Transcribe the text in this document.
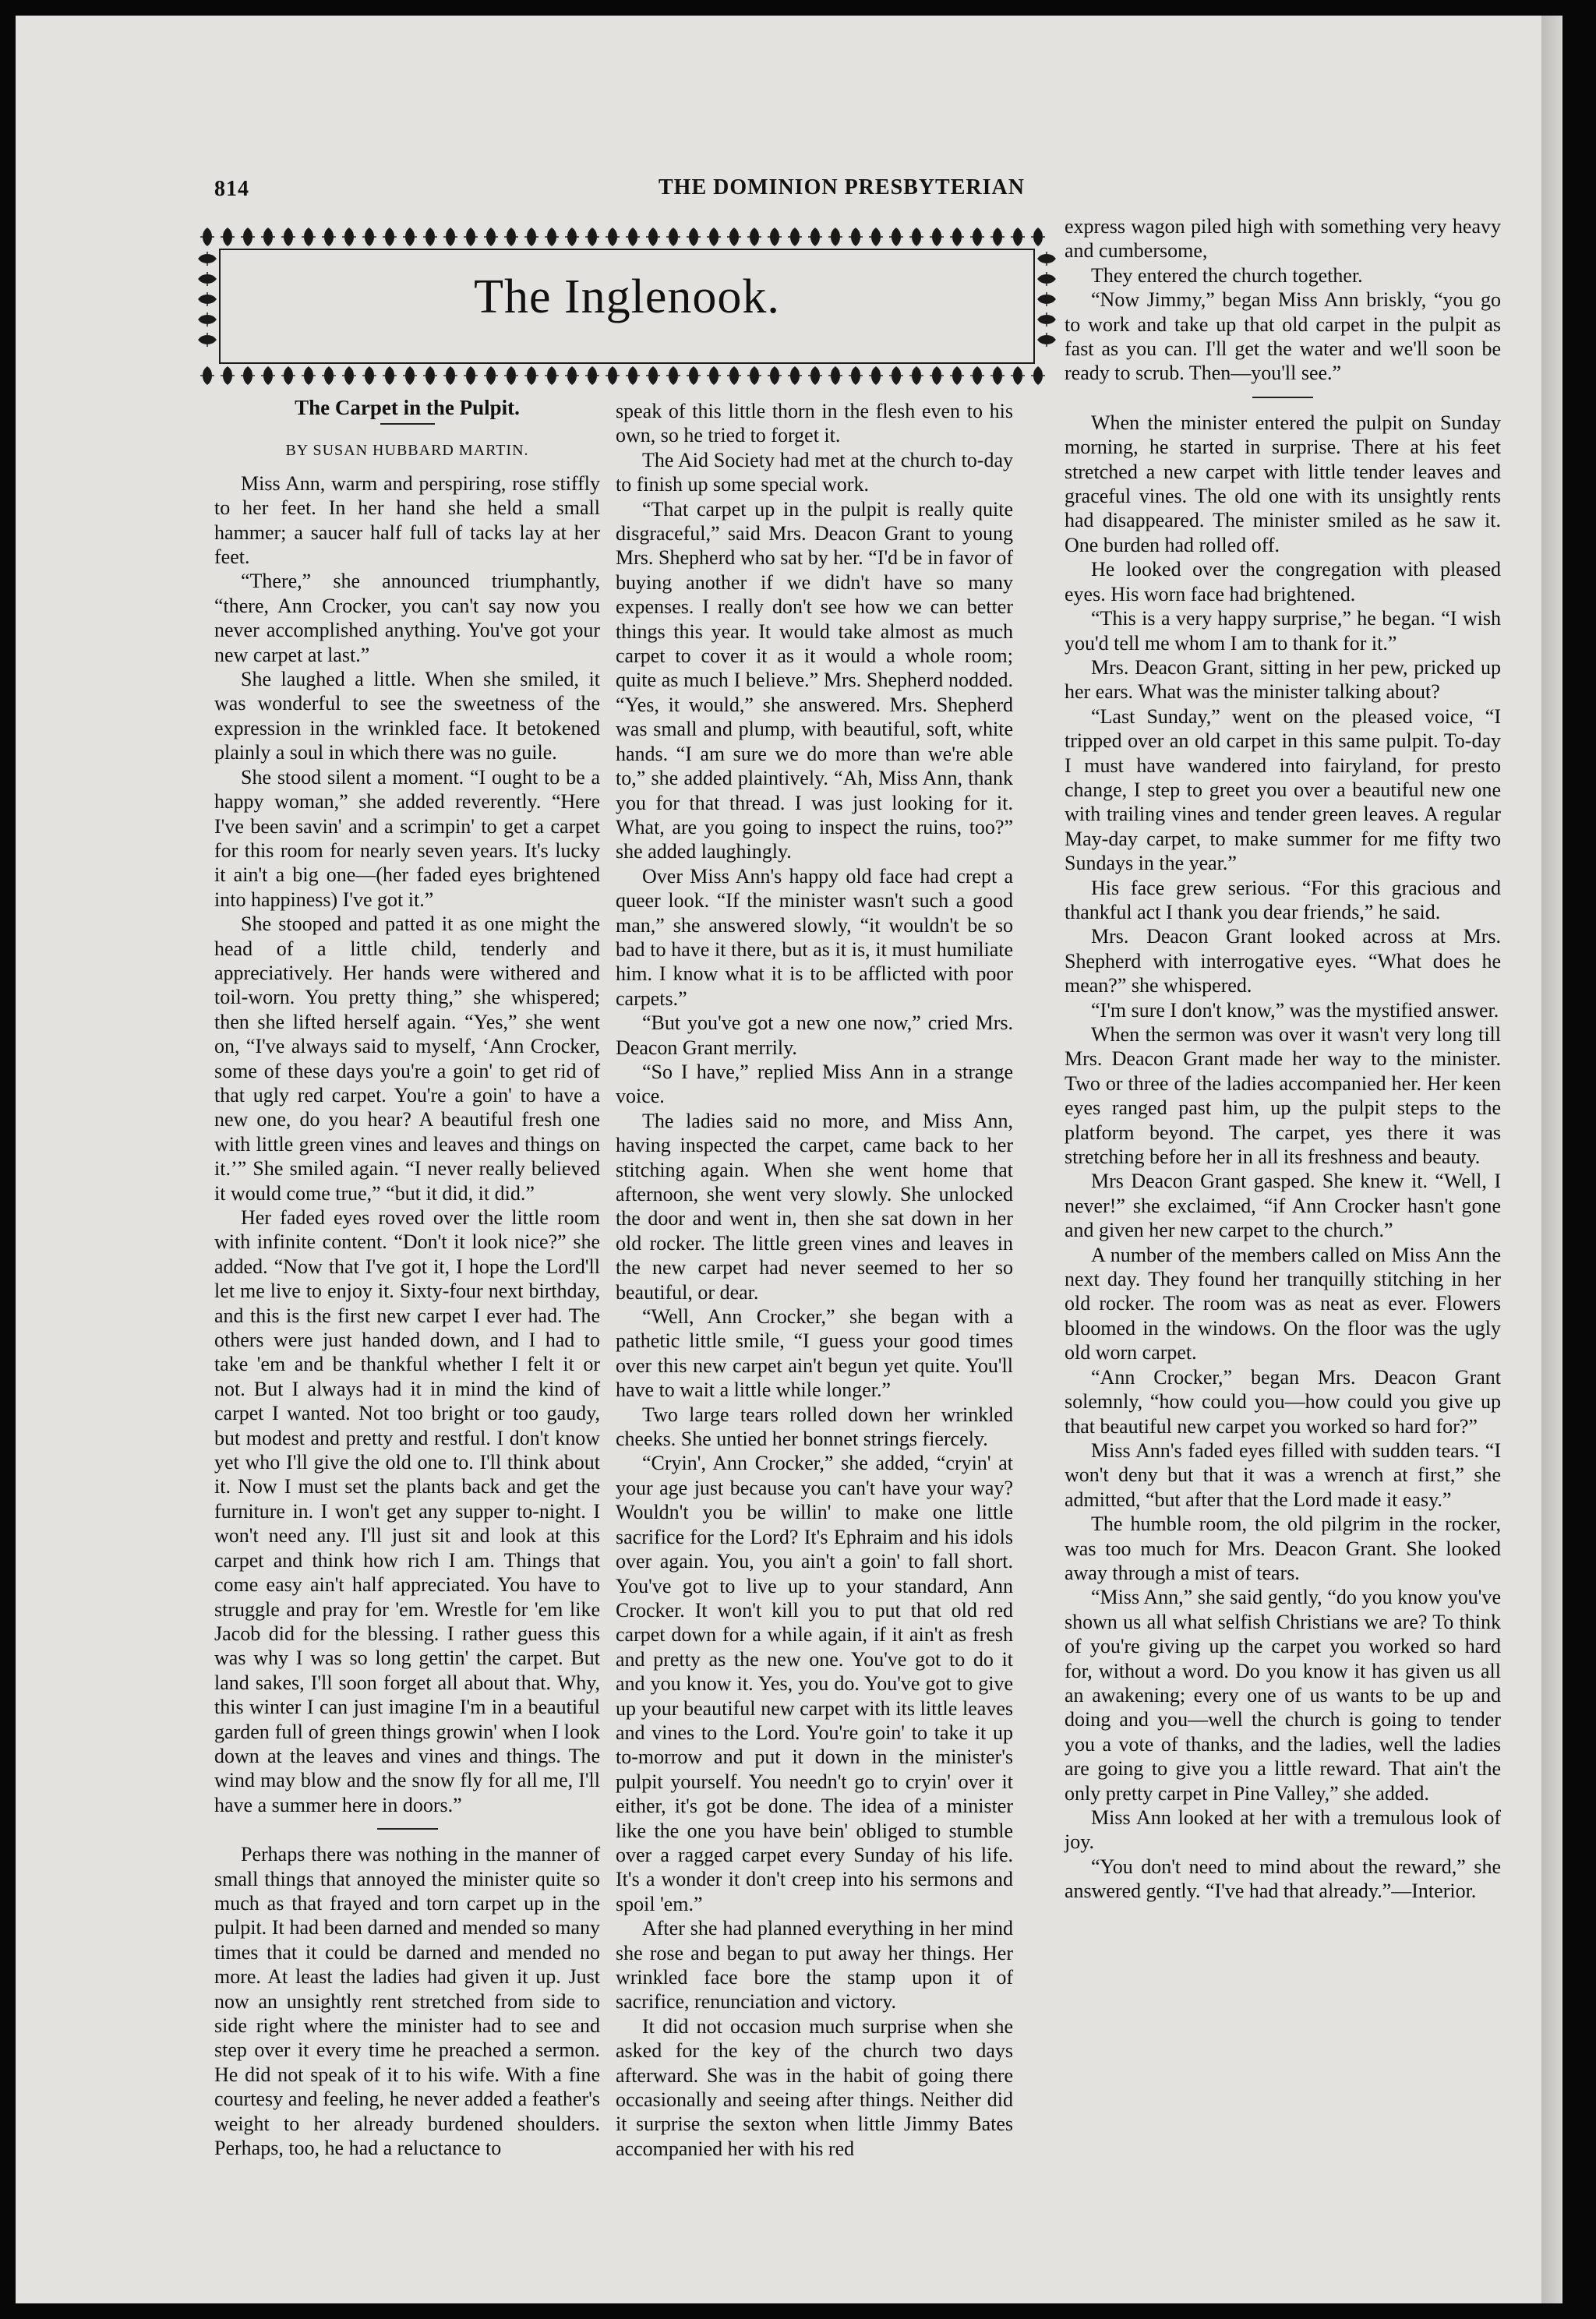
814	THE DOMINION PRESBYTERIAN
The Inglenook.
The Carpet in the Pulpit.
BY SUSAN HUBBARD MARTIN.

Miss Ann, warm and perspiring, rose stiffly to her feet. In her hand she held a small hammer; a saucer half full of tacks lay at her feet.

“There,” she announced triumphantly, “there, Ann Crocker, you can't say now you never accomplished anything. You've got your new carpet at last.”

She laughed a little. When she smiled, it was wonderful to see the sweetness of the expression in the wrinkled face. It betokened plainly a soul in which there was no guile.

She stood silent a moment. “I ought to be a happy woman,” she added reverently. “Here I've been savin' and a scrimpin' to get a carpet for this room for nearly seven years. It's lucky it ain't a big one—(her faded eyes brightened into happiness) I've got it.”

She stooped and patted it as one might the head of a little child, tenderly and appreciatively. Her hands were withered and toil-worn. You pretty thing,” she whispered; then she lifted herself again. “Yes,” she went on, “I've always said to myself, ‘Ann Crocker, some of these days you're a goin' to get rid of that ugly red carpet. You're a goin' to have a new one, do you hear? A beautiful fresh one with little green vines and leaves and things on it.’” She smiled again. “I never really believed it would come true,” “but it did, it did.”

Her faded eyes roved over the little room with infinite content. “Don't it look nice?” she added. “Now that I've got it, I hope the Lord'll let me live to enjoy it. Sixty-four next birthday, and this is the first new carpet I ever had. The others were just handed down, and I had to take 'em and be thankful whether I felt it or not. But I always had it in mind the kind of carpet I wanted. Not too bright or too gaudy, but modest and pretty and restful. I don't know yet who I'll give the old one to. I'll think about it. Now I must set the plants back and get the furniture in. I won't get any supper to-night. I won't need any. I'll just sit and look at this carpet and think how rich I am. Things that come easy ain't half appreciated. You have to struggle and pray for 'em. Wrestle for 'em like Jacob did for the blessing. I rather guess this was why I was so long gettin' the carpet. But land sakes, I'll soon forget all about that. Why, this winter I can just imagine I'm in a beautiful garden full of green things growin' when I look down at the leaves and vines and things. The wind may blow and the snow fly for all me, I'll have a summer here in doors.”

Perhaps there was nothing in the manner of small things that annoyed the minister quite so much as that frayed and torn carpet up in the pulpit. It had been darned and mended so many times that it could be darned and mended no more. At least the ladies had given it up. Just now an unsightly rent stretched from side to side right where the minister had to see and step over it every time he preached a sermon. He did not speak of it to his wife. With a fine courtesy and feeling, he never added a feather's weight to her already burdened shoulders. Perhaps, too, he had a reluctance to

speak of this little thorn in the flesh even to his own, so he tried to forget it.

The Aid Society had met at the church to-day to finish up some special work.

“That carpet up in the pulpit is really quite disgraceful,” said Mrs. Deacon Grant to young Mrs. Shepherd who sat by her. “I'd be in favor of buying another if we didn't have so many expenses. I really don't see how we can better things this year. It would take almost as much carpet to cover it as it would a whole room; quite as much I believe.” Mrs. Shepherd nodded. “Yes, it would,” she answered. Mrs. Shepherd was small and plump, with beautiful, soft, white hands. “I am sure we do more than we're able to,” she added plaintively. “Ah, Miss Ann, thank you for that thread. I was just looking for it. What, are you going to inspect the ruins, too?” she added laughingly.

Over Miss Ann's happy old face had crept a queer look. “If the minister wasn't such a good man,” she answered slowly, “it wouldn't be so bad to have it there, but as it is, it must humiliate him. I know what it is to be afflicted with poor carpets.”

“But you've got a new one now,” cried Mrs. Deacon Grant merrily.

“So I have,” replied Miss Ann in a strange voice.

The ladies said no more, and Miss Ann, having inspected the carpet, came back to her stitching again. When she went home that afternoon, she went very slowly. She unlocked the door and went in, then she sat down in her old rocker. The little green vines and leaves in the new carpet had never seemed to her so beautiful, or dear.

“Well, Ann Crocker,” she began with a pathetic little smile, “I guess your good times over this new carpet ain't begun yet quite. You'll have to wait a little while longer.”

Two large tears rolled down her wrinkled cheeks. She untied her bonnet strings fiercely.

“Cryin', Ann Crocker,” she added, “cryin' at your age just because you can't have your way? Wouldn't you be willin' to make one little sacrifice for the Lord? It's Ephraim and his idols over again. You, you ain't a goin' to fall short. You've got to live up to your standard, Ann Crocker. It won't kill you to put that old red carpet down for a while again, if it ain't as fresh and pretty as the new one. You've got to do it and you know it. Yes, you do. You've got to give up your beautiful new carpet with its little leaves and vines to the Lord. You're goin' to take it up to-morrow and put it down in the minister's pulpit yourself. You needn't go to cryin' over it either, it's got be done. The idea of a minister like the one you have bein' obliged to stumble over a ragged carpet every Sunday of his life. It's a wonder it don't creep into his sermons and spoil 'em.”

After she had planned everything in her mind she rose and began to put away her things. Her wrinkled face bore the stamp upon it of sacrifice, renunciation and victory.

It did not occasion much surprise when she asked for the key of the church two days afterward. She was in the habit of going there occasionally and seeing after things. Neither did it surprise the sexton when little Jimmy Bates accompanied her with his red

express wagon piled high with something very heavy and cumbersome,

They entered the church together.

“Now Jimmy,” began Miss Ann briskly, “you go to work and take up that old carpet in the pulpit as fast as you can. I'll get the water and we'll soon be ready to scrub. Then—you'll see.”

When the minister entered the pulpit on Sunday morning, he started in surprise. There at his feet stretched a new carpet with little tender leaves and graceful vines. The old one with its unsightly rents had disappeared. The minister smiled as he saw it. One burden had rolled off.

He looked over the congregation with pleased eyes. His worn face had brightened.

“This is a very happy surprise,” he began. “I wish you'd tell me whom I am to thank for it.”

Mrs. Deacon Grant, sitting in her pew, pricked up her ears. What was the minister talking about?

“Last Sunday,” went on the pleased voice, “I tripped over an old carpet in this same pulpit. To-day I must have wandered into fairyland, for presto change, I step to greet you over a beautiful new one with trailing vines and tender green leaves. A regular May-day carpet, to make summer for me fifty two Sundays in the year.”

His face grew serious. “For this gracious and thankful act I thank you dear friends,” he said.

Mrs. Deacon Grant looked across at Mrs. Shepherd with interrogative eyes. “What does he mean?” she whispered.

“I'm sure I don't know,” was the mystified answer.

When the sermon was over it wasn't very long till Mrs. Deacon Grant made her way to the minister. Two or three of the ladies accompanied her. Her keen eyes ranged past him, up the pulpit steps to the platform beyond. The carpet, yes there it was stretching before her in all its freshness and beauty.

Mrs Deacon Grant gasped. She knew it. “Well, I never!” she exclaimed, “if Ann Crocker hasn't gone and given her new carpet to the church.”

A number of the members called on Miss Ann the next day. They found her tranquilly stitching in her old rocker. The room was as neat as ever. Flowers bloomed in the windows. On the floor was the ugly old worn carpet.

“Ann Crocker,” began Mrs. Deacon Grant solemnly, “how could you—how could you give up that beautiful new carpet you worked so hard for?”

Miss Ann's faded eyes filled with sudden tears. “I won't deny but that it was a wrench at first,” she admitted, “but after that the Lord made it easy.”

The humble room, the old pilgrim in the rocker, was too much for Mrs. Deacon Grant. She looked away through a mist of tears.

“Miss Ann,” she said gently, “do you know you've shown us all what selfish Christians we are? To think of you're giving up the carpet you worked so hard for, without a word. Do you know it has given us all an awakening; every one of us wants to be up and doing and you—well the church is going to tender you a vote of thanks, and the ladies, well the ladies are going to give you a little reward. That ain't the only pretty carpet in Pine Valley,” she added.

Miss Ann looked at her with a tremulous look of joy.

“You don't need to mind about the reward,” she answered gently. “I've had that already.”—Interior.
